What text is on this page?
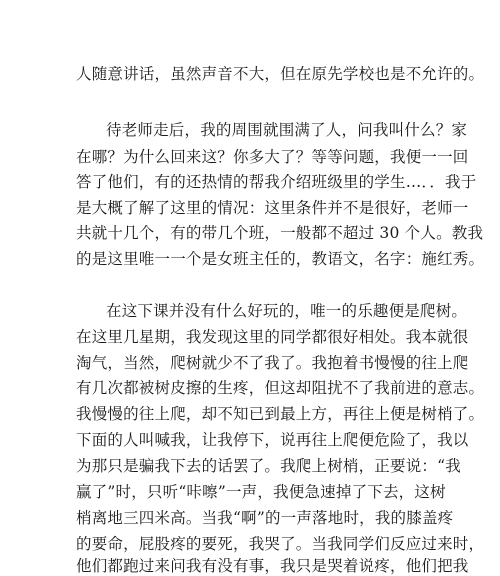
人随意讲话，虽然声音不大，但在原先学校也是不允许的。
待老师走后，我的周围就围满了人，问我叫什么？家
在哪？为什么回来这？你多大了？等等问题，我便一一回
答了他们，有的还热情的帮我介绍班级里的学生…．．我于
是大概了解了这里的情况：这里条件并不是很好，老师一
共就十几个，有的带几个班，一般都不超过 30 个人。教我
的是这里唯一一个是女班主任的，教语文，名字：施红秀。
在这下课并没有什么好玩的，唯一的乐趣便是爬树。
在这里几星期，我发现这里的同学都很好相处。我本就很
淘气，当然，爬树就少不了我了。我抱着书慢慢的往上爬
有几次都被树皮擦的生疼，但这却阻扰不了我前进的意志。
我慢慢的往上爬，却不知已到最上方，再往上便是树梢了。
下面的人叫喊我，让我停下，说再往上爬便危险了，我以
为那只是骗我下去的话罢了。我爬上树梢，正要说：“我
赢了”时，只听“咔嚓”一声，我便急速掉了下去，这树
梢离地三四米高。当我“啊”的一声落地时，我的膝盖疼
的要命，屁股疼的要死，我哭了。当我同学们反应过来时，
他们都跑过来问我有没有事，我只是哭着说疼，他们把我
